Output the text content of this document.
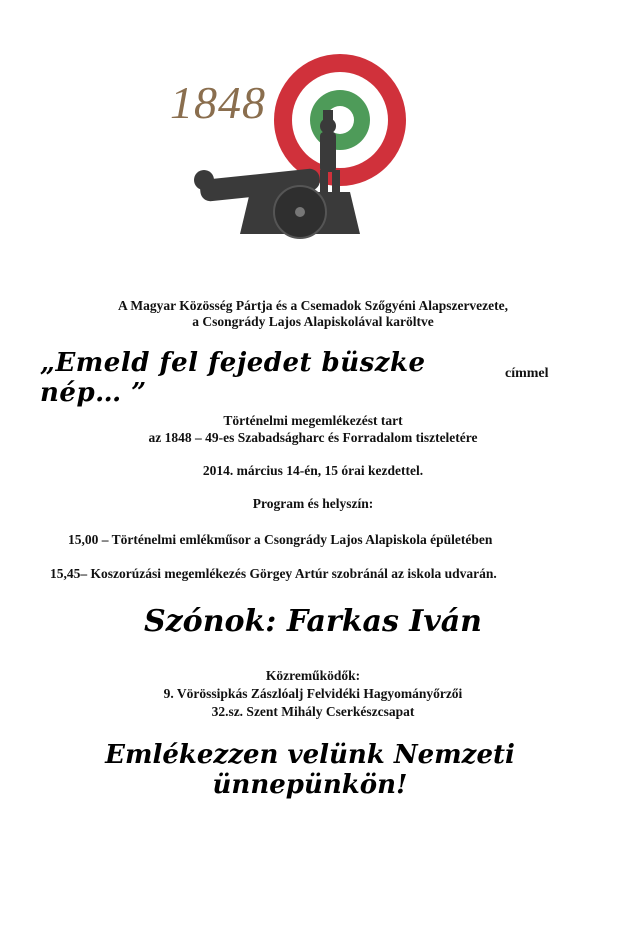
1848
A Magyar Közösség Pártja és a Csemadok Szőgyéni Alapszervezete,
a Csongrády Lajos Alapiskolával karöltve
„Emeld fel fejedet büszke nép… ”
címmel
Történelmi megemlékezést tart
az 1848 – 49-es Szabadságharc és Forradalom tiszteletére
2014. március 14-én, 15 órai kezdettel.
Program és helyszín:
15,00 – Történelmi emlékműsor a Csongrády Lajos Alapiskola épületében
15,45– Koszorúzási megemlékezés Görgey Artúr szobránál az iskola udvarán.
Szónok: Farkas Iván
Közreműködők:
9. Vörössipkás Zászlóalj Felvidéki Hagyományőrzői
32.sz. Szent Mihály Cserkészcsapat
Emlékezzen velünk Nemzeti ünnepünkön!
